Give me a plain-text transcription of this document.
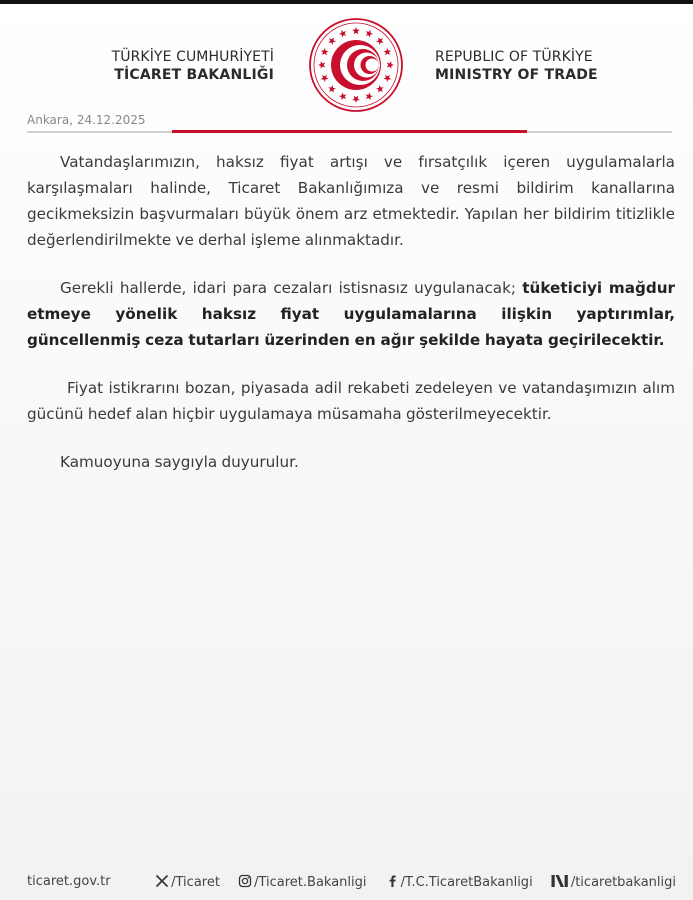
TÜRKİYE CUMHURİYETİ
TİCARET BAKANLIĞI
REPUBLIC OF TÜRKİYE
MINISTRY OF TRADE
Ankara, 24.12.2025

Vatandaşlarımızın, haksız fiyat artışı ve fırsatçılık içeren uygulamalarla karşılaşmaları halinde, Ticaret Bakanlığımıza ve resmi bildirim kanallarına gecikmeksizin başvurmaları büyük önem arz etmektedir. Yapılan her bildirim titizlikle değerlendirilmekte ve derhal işleme alınmaktadır.

Gerekli hallerde, idari para cezaları istisnasız uygulanacak; tüketiciyi mağdur etmeye yönelik haksız fiyat uygulamalarına ilişkin yaptırımlar, güncellenmiş ceza tutarları üzerinden en ağır şekilde hayata geçirilecektir.

Fiyat istikrarını bozan, piyasada adil rekabeti zedeleyen ve vatandaşımızın alım gücünü hedef alan hiçbir uygulamaya müsamaha gösterilmeyecektir.

Kamuoyuna saygıyla duyurulur.

ticaret.gov.tr	/Ticaret	/Ticaret.Bakanligi	/T.C.TicaretBakanligi	/ticaretbakanligi
